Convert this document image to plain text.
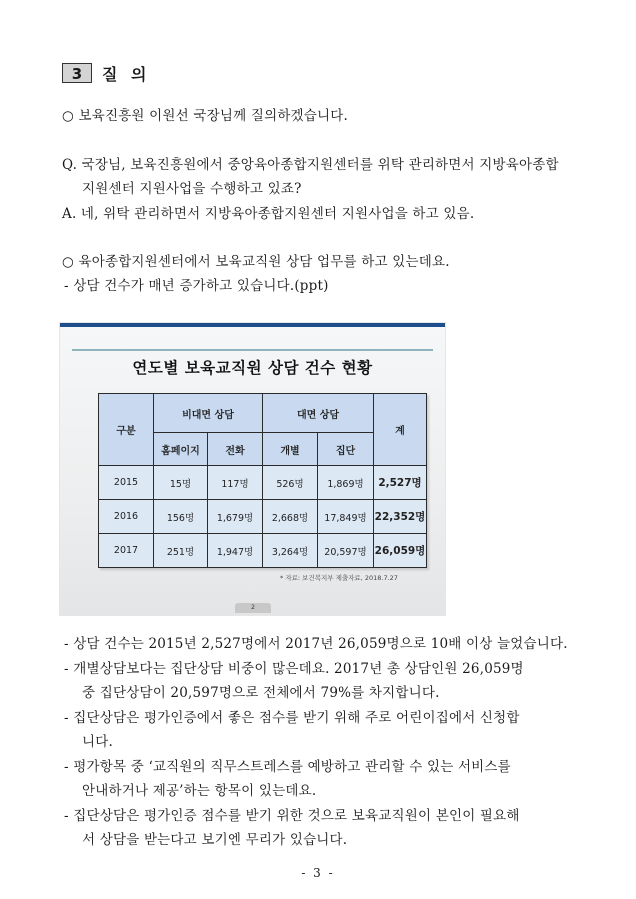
3	질 의
○ 보육진흥원 이원선 국장님께 질의하겠습니다.
Q. 국장님, 보육진흥원에서 중앙육아종합지원센터를 위탁 관리하면서 지방육아종합
지원센터 지원사업을 수행하고 있죠?
A. 네, 위탁 관리하면서 지방육아종합지원센터 지원사업을 하고 있음.
○ 육아종합지원센터에서 보육교직원 상담 업무를 하고 있는데요.
- 상담 건수가 매년 증가하고 있습니다.(ppt)
연도별 보육교직원 상담 건수 현황
구분	비대면 상담		대면 상담		계
	홈페이지	전화	개별	집단	
2015	15명	117명	526명	1,869명	2,527명
2016	156명	1,679명	2,668명	17,849명	22,352명
2017	251명	1,947명	3,264명	20,597명	26,059명
* 자료: 보건복지부 제출자료, 2018.7.27
2
- 상담 건수는 2015년 2,527명에서 2017년 26,059명으로 10배 이상 늘었습니다.
- 개별상담보다는 집단상담 비중이 많은데요. 2017년 총 상담인원 26,059명
중 집단상담이 20,597명으로 전체에서 79%를 차지합니다.
- 집단상담은 평가인증에서 좋은 점수를 받기 위해 주로 어린이집에서 신청합
니다.
- 평가항목 중 ‘교직원의 직무스트레스를 예방하고 관리할 수 있는 서비스를
안내하거나 제공’하는 항목이 있는데요.
- 집단상담은 평가인증 점수를 받기 위한 것으로 보육교직원이 본인이 필요해
서 상담을 받는다고 보기엔 무리가 있습니다.
- 3 -
